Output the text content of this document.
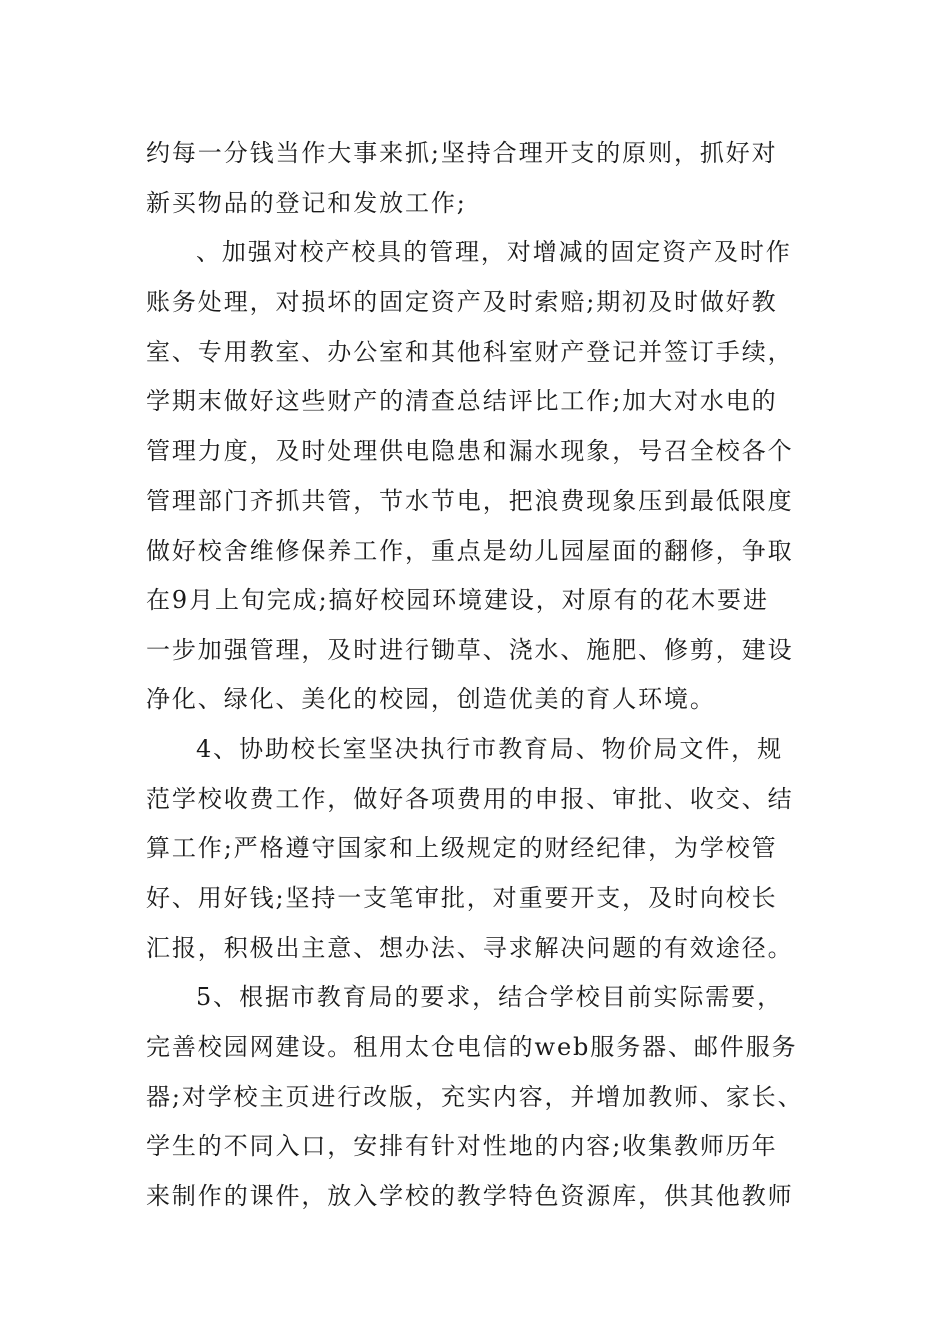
约每一分钱当作大事来抓;坚持合理开支的原则，抓好对
新买物品的登记和发放工作;
、加强对校产校具的管理，对增减的固定资产及时作
账务处理，对损坏的固定资产及时索赔;期初及时做好教
室、专用教室、办公室和其他科室财产登记并签订手续，
学期末做好这些财产的清查总结评比工作;加大对水电的
管理力度，及时处理供电隐患和漏水现象，号召全校各个
管理部门齐抓共管，节水节电，把浪费现象压到最低限度
做好校舍维修保养工作，重点是幼儿园屋面的翻修，争取
在9月上旬完成;搞好校园环境建设，对原有的花木要进
一步加强管理，及时进行锄草、浇水、施肥、修剪，建设
净化、绿化、美化的校园，创造优美的育人环境。
4、协助校长室坚决执行市教育局、物价局文件，规
范学校收费工作，做好各项费用的申报、审批、收交、结
算工作;严格遵守国家和上级规定的财经纪律，为学校管
好、用好钱;坚持一支笔审批，对重要开支，及时向校长
汇报，积极出主意、想办法、寻求解决问题的有效途径。
5、根据市教育局的要求，结合学校目前实际需要，
完善校园网建设。租用太仓电信的web服务器、邮件服务
器;对学校主页进行改版，充实内容，并增加教师、家长、
学生的不同入口，安排有针对性地的内容;收集教师历年
来制作的课件，放入学校的教学特色资源库，供其他教师
